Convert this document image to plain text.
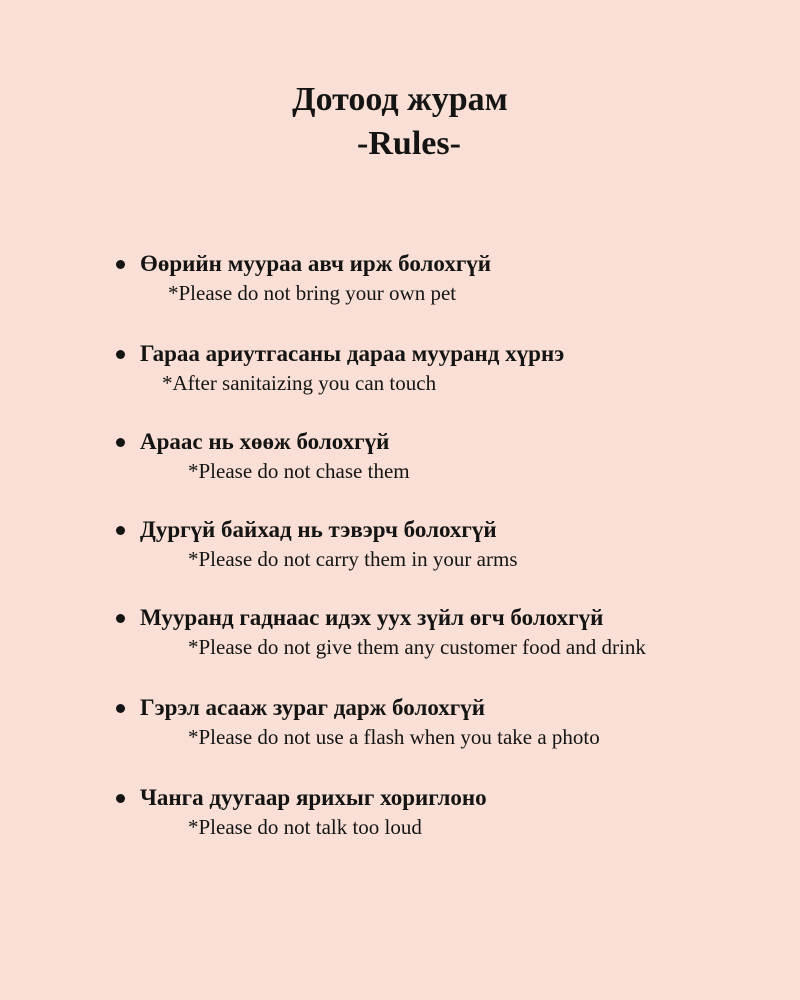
Дотоод журам
-Rules-
Өөрийн муураа авч ирж болохгүй
*Please do not bring your own pet
Гараа ариутгасаны дараа мууранд хүрнэ
*After sanitaizing you can touch
Араас нь хөөж болохгүй
*Please do not chase them
Дургүй байхад нь тэвэрч болохгүй
*Please do not carry them in your arms
Мууранд гаднаас идэх уух зүйл өгч болохгүй
*Please do not give them any customer food and drink
Гэрэл асааж зураг дарж болохгүй
*Please do not use a flash when you take a photo
Чанга дуугаар ярихыг хориглоно
*Please do not talk too loud
